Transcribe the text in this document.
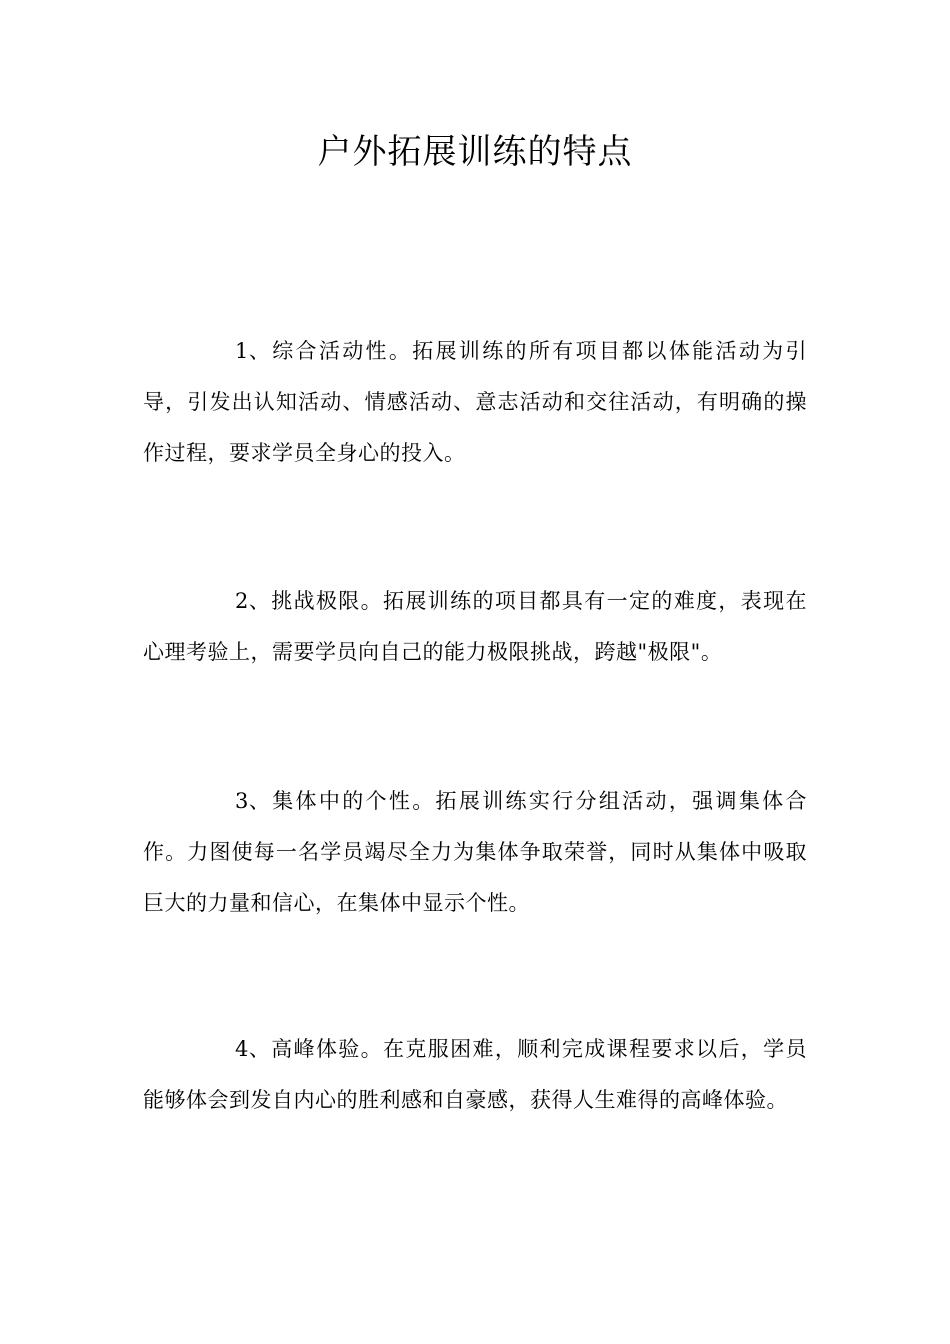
户外拓展训练的特点

1、综合活动性。拓展训练的所有项目都以体能活动为引导，引发出认知活动、情感活动、意志活动和交往活动，有明确的操作过程，要求学员全身心的投入。

2、挑战极限。拓展训练的项目都具有一定的难度，表现在心理考验上，需要学员向自己的能力极限挑战，跨越"极限"。

3、集体中的个性。拓展训练实行分组活动，强调集体合作。力图使每一名学员竭尽全力为集体争取荣誉，同时从集体中吸取巨大的力量和信心，在集体中显示个性。

4、高峰体验。在克服困难，顺利完成课程要求以后，学员能够体会到发自内心的胜利感和自豪感，获得人生难得的高峰体验。
